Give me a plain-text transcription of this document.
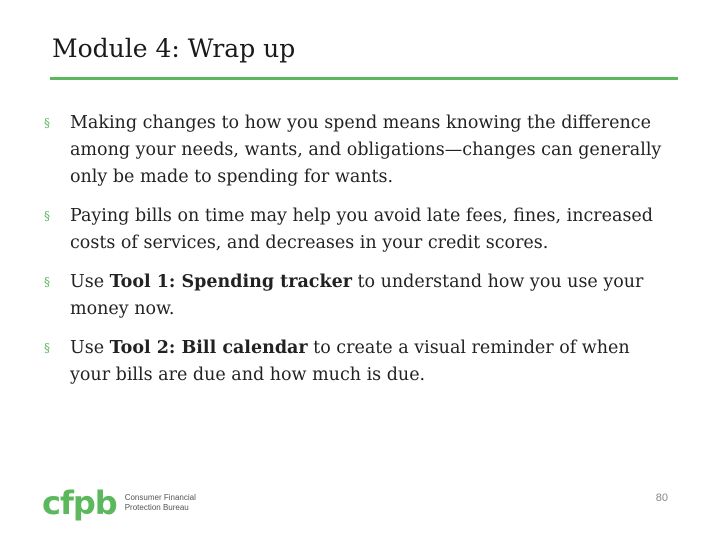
Module 4: Wrap up
§ Making changes to how you spend means knowing the difference among your needs, wants, and obligations—changes can generally only be made to spending for wants.
§ Paying bills on time may help you avoid late fees, fines, increased costs of services, and decreases in your credit scores.
§ Use Tool 1: Spending tracker to understand how you use your money now.
§ Use Tool 2: Bill calendar to create a visual reminder of when your bills are due and how much is due.
cfpb Consumer Financial
Protection Bureau
80
